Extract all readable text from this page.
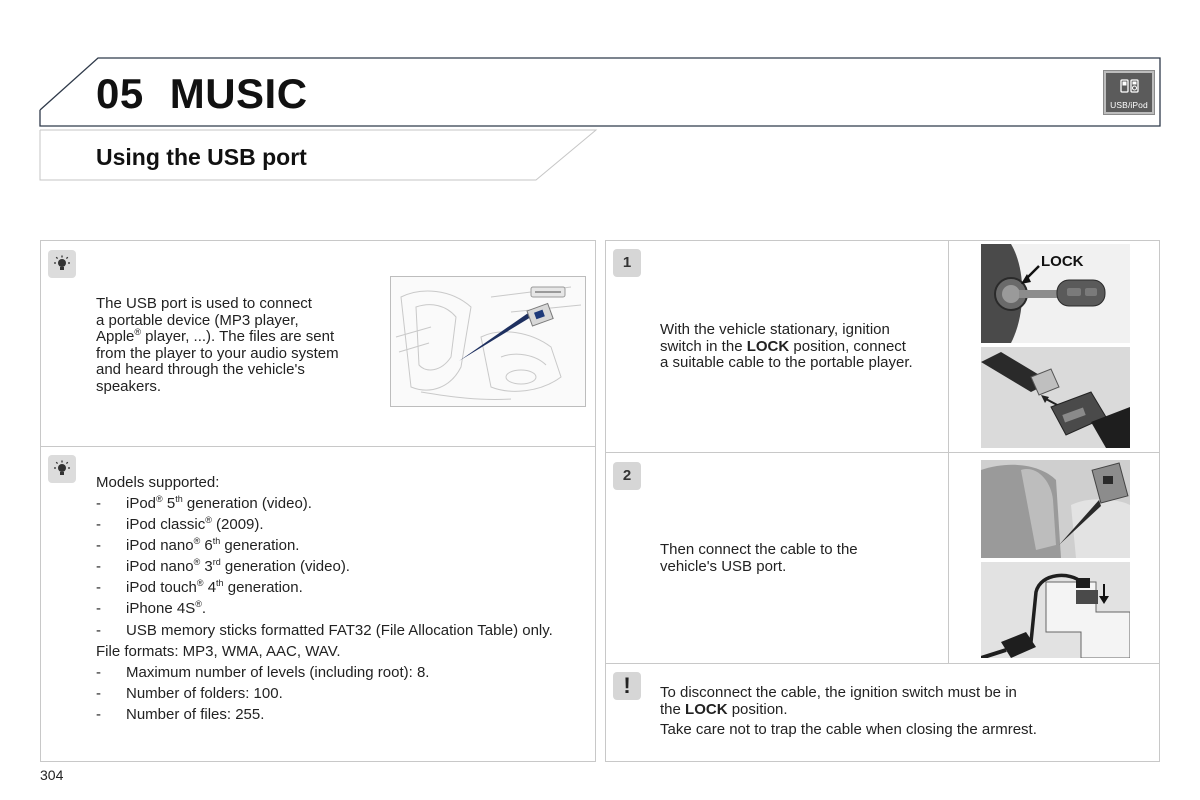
05 MUSIC	USB/iPod
Using the USB port
The USB port is used to connect
a portable device (MP3 player,
Apple® player, ...). The files are sent
from the player to your audio system
and heard through the vehicle's
speakers.
Models supported:
- iPod® 5th generation (video).
- iPod classic® (2009).
- iPod nano® 6th generation.
- iPod nano® 3rd generation (video).
- iPod touch® 4th generation.
- iPhone 4S®.
- USB memory sticks formatted FAT32 (File Allocation Table) only.
File formats: MP3, WMA, AAC, WAV.
- Maximum number of levels (including root): 8.
- Number of folders: 100.
- Number of files: 255.
1
With the vehicle stationary, ignition
switch in the LOCK position, connect
a suitable cable to the portable player.
LOCK
2
Then connect the cable to the
vehicle's USB port.
!	To disconnect the cable, the ignition switch must be in
the LOCK position.
Take care not to trap the cable when closing the armrest.
304
